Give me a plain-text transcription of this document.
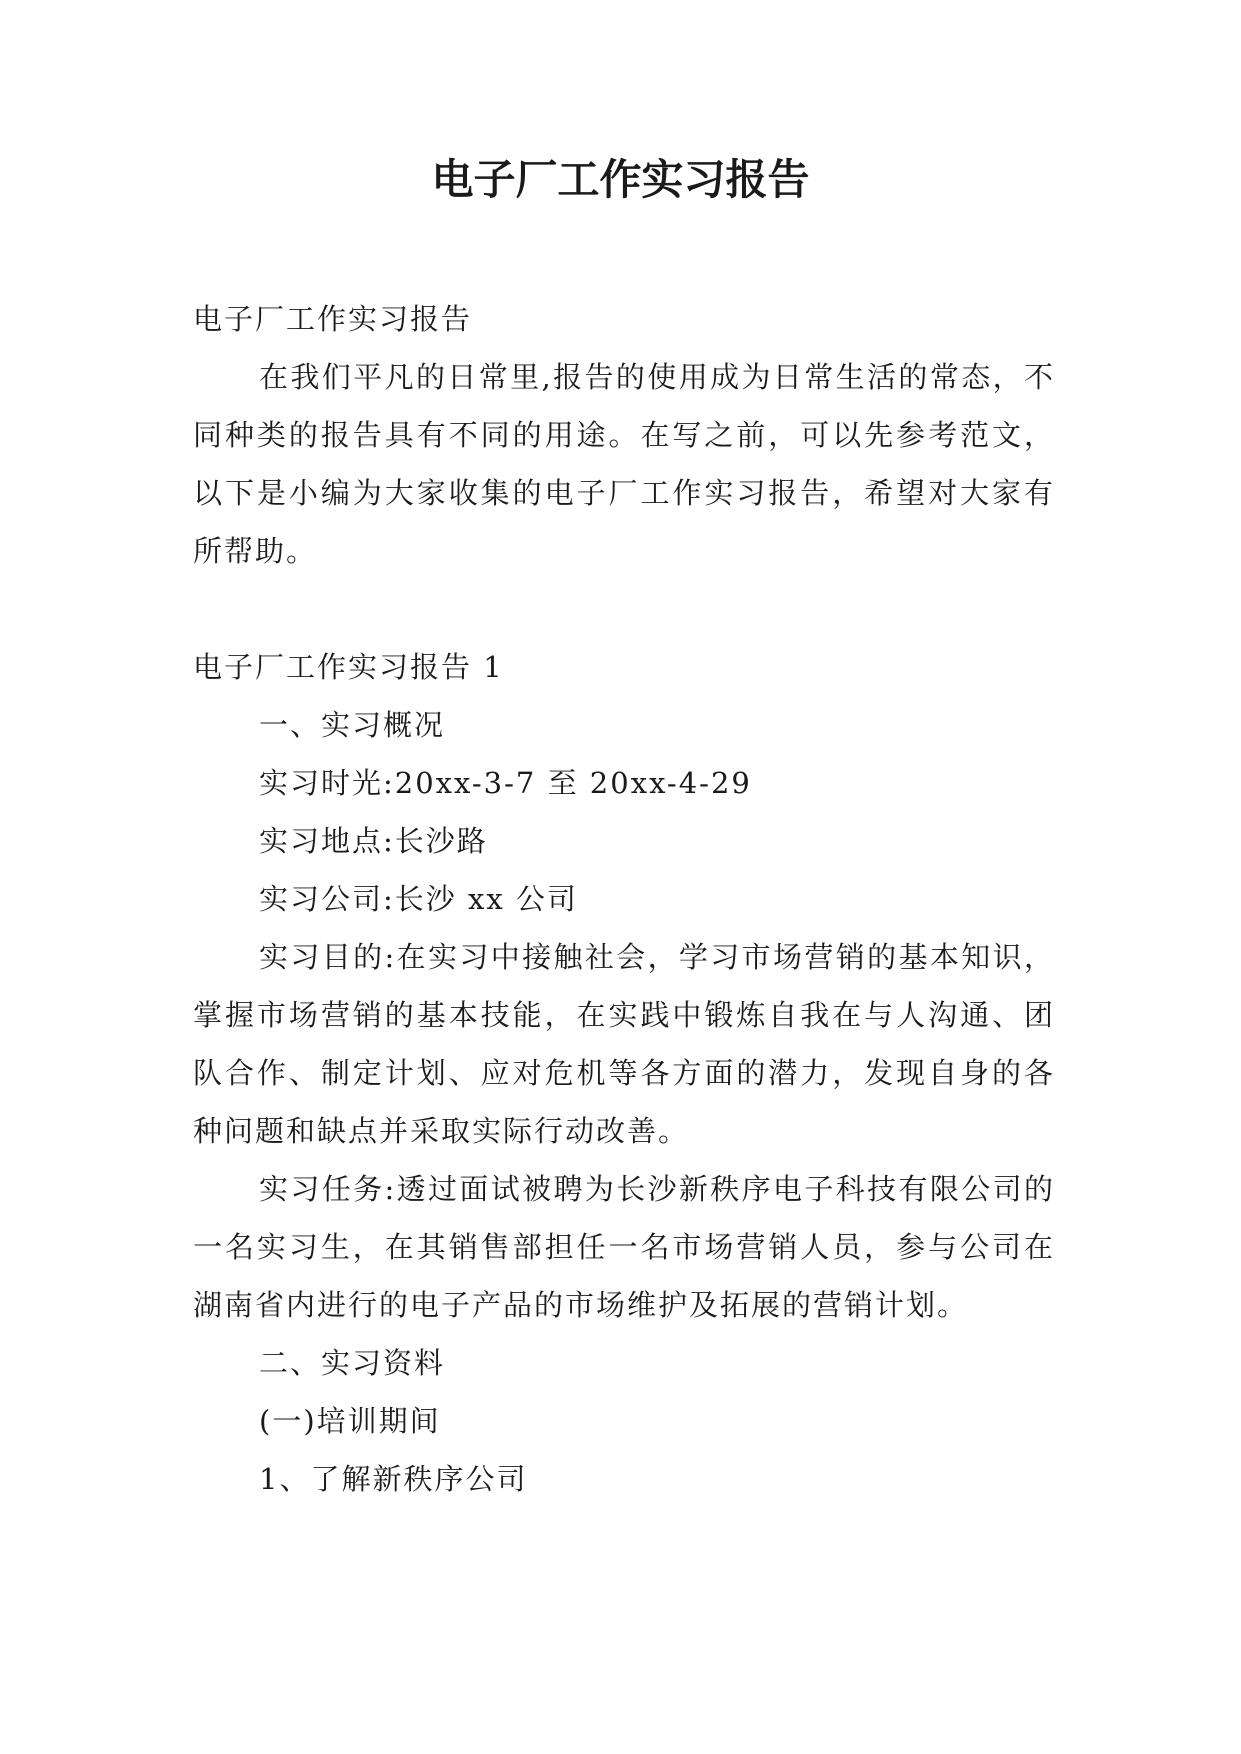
电子厂工作实习报告

电子厂工作实习报告

在我们平凡的日常里,报告的使用成为日常生活的常态，不同种类的报告具有不同的用途。在写之前，可以先参考范文，以下是小编为大家收集的电子厂工作实习报告，希望对大家有所帮助。

电子厂工作实习报告 1

一、实习概况

实习时光:20xx-3-7 至 20xx-4-29

实习地点:长沙路

实习公司:长沙 xx 公司

实习目的:在实习中接触社会，学习市场营销的基本知识，掌握市场营销的基本技能，在实践中锻炼自我在与人沟通、团队合作、制定计划、应对危机等各方面的潜力，发现自身的各种问题和缺点并采取实际行动改善。

实习任务:透过面试被聘为长沙新秩序电子科技有限公司的一名实习生，在其销售部担任一名市场营销人员，参与公司在湖南省内进行的电子产品的市场维护及拓展的营销计划。

二、实习资料

(一)培训期间

1、了解新秩序公司
